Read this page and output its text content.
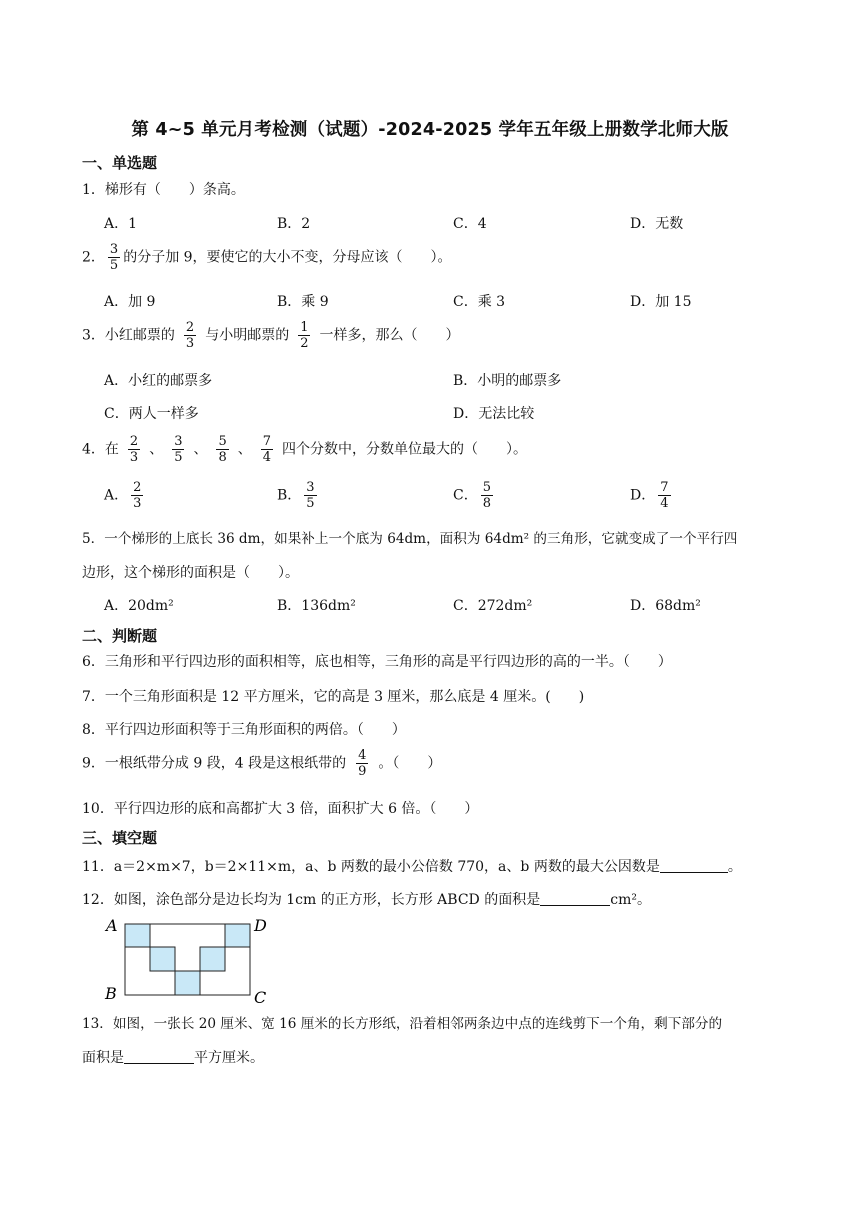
第 4~5 单元月考检测（试题）-2024-2025 学年五年级上册数学北师大版
一、单选题
1．梯形有（　　）条高。
A．1	B．2	C．4	D．无数
2． $\frac{3}{5}$ 的分子加 9，要使它的大小不变，分母应该（　　）。
A．加 9	B．乘 9	C．乘 3	D．加 15
3．小红邮票的 $\frac{2}{3}$ 与小明邮票的 $\frac{1}{2}$ 一样多，那么（　　）
A．小红的邮票多	B．小明的邮票多
C．两人一样多	D．无法比较
4．在 $\frac{2}{3}$ 、 $\frac{3}{5}$ 、 $\frac{5}{8}$ 、 $\frac{7}{4}$ 四个分数中，分数单位最大的（　　）。
A． $\frac{2}{3}$	B． $\frac{3}{5}$	C． $\frac{5}{8}$	D． $\frac{7}{4}$
5．一个梯形的上底长 36 dm，如果补上一个底为 64dm，面积为 64dm² 的三角形，它就变成了一个平行四
边形，这个梯形的面积是（　　）。
A．20dm²	B．136dm²	C．272dm²	D．68dm²
二、判断题
6．三角形和平行四边形的面积相等，底也相等，三角形的高是平行四边形的高的一半。（　　）
7．一个三角形面积是 12 平方厘米，它的高是 3 厘米，那么底是 4 厘米。(　　)
8．平行四边形面积等于三角形面积的两倍。（　　）
9．一根纸带分成 9 段，4 段是这根纸带的 $\frac{4}{9}$ 。（　　）
10．平行四边形的底和高都扩大 3 倍，面积扩大 6 倍。（　　）
三、填空题
11．a＝2×m×7，b＝2×11×m，a、b 两数的最小公倍数 770，a、b 两数的最大公因数是	。
12．如图，涂色部分是边长均为 1cm 的正方形，长方形 ABCD 的面积是	cm²。
A	D
B	C
13．如图，一张长 20 厘米、宽 16 厘米的长方形纸，沿着相邻两条边中点的连线剪下一个角，剩下部分的
面积是	平方厘米。
